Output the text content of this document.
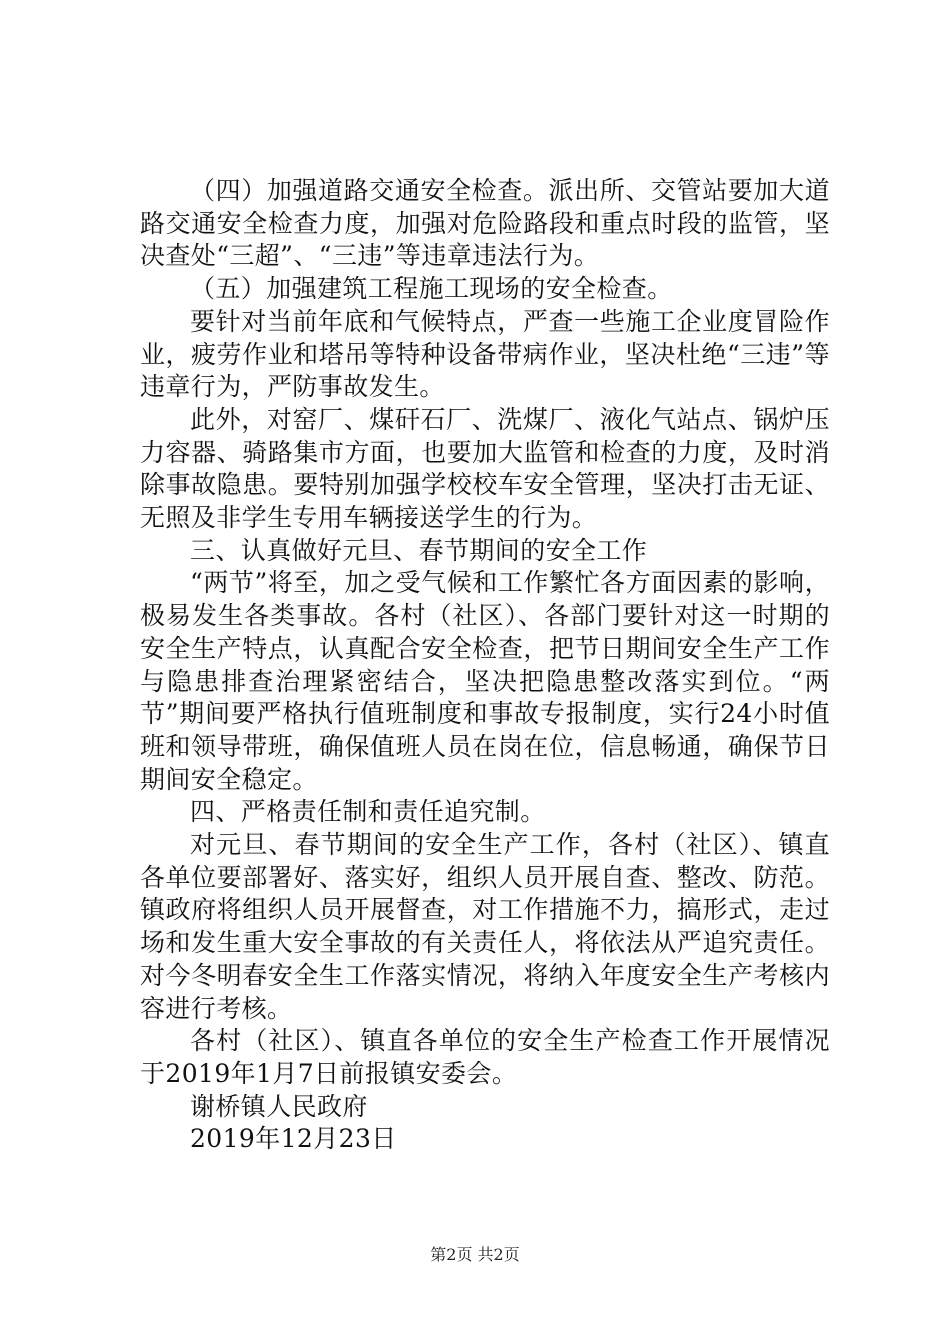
（四）加强道路交通安全检查。派出所、交管站要加大道路交通安全检查力度，加强对危险路段和重点时段的监管，坚决查处“三超”、“三违”等违章违法行为。

（五）加强建筑工程施工现场的安全检查。

要针对当前年底和气候特点，严查一些施工企业度冒险作业，疲劳作业和塔吊等特种设备带病作业，坚决杜绝“三违”等违章行为，严防事故发生。

此外，对窑厂、煤矸石厂、洗煤厂、液化气站点、锅炉压力容器、骑路集市方面，也要加大监管和检查的力度，及时消除事故隐患。要特别加强学校校车安全管理，坚决打击无证、无照及非学生专用车辆接送学生的行为。

三、认真做好元旦、春节期间的安全工作

“两节”将至，加之受气候和工作繁忙各方面因素的影响，极易发生各类事故。各村（社区）、各部门要针对这一时期的安全生产特点，认真配合安全检查，把节日期间安全生产工作与隐患排查治理紧密结合，坚决把隐患整改落实到位。“两节”期间要严格执行值班制度和事故专报制度，实行24小时值班和领导带班，确保值班人员在岗在位，信息畅通，确保节日期间安全稳定。

四、严格责任制和责任追究制。

对元旦、春节期间的安全生产工作，各村（社区）、镇直各单位要部署好、落实好，组织人员开展自查、整改、防范。镇政府将组织人员开展督查，对工作措施不力，搞形式，走过场和发生重大安全事故的有关责任人，将依法从严追究责任。对今冬明春安全生工作落实情况，将纳入年度安全生产考核内容进行考核。

各村（社区）、镇直各单位的安全生产检查工作开展情况于2019年1月7日前报镇安委会。

谢桥镇人民政府

2019年12月23日

第2页 共2页
